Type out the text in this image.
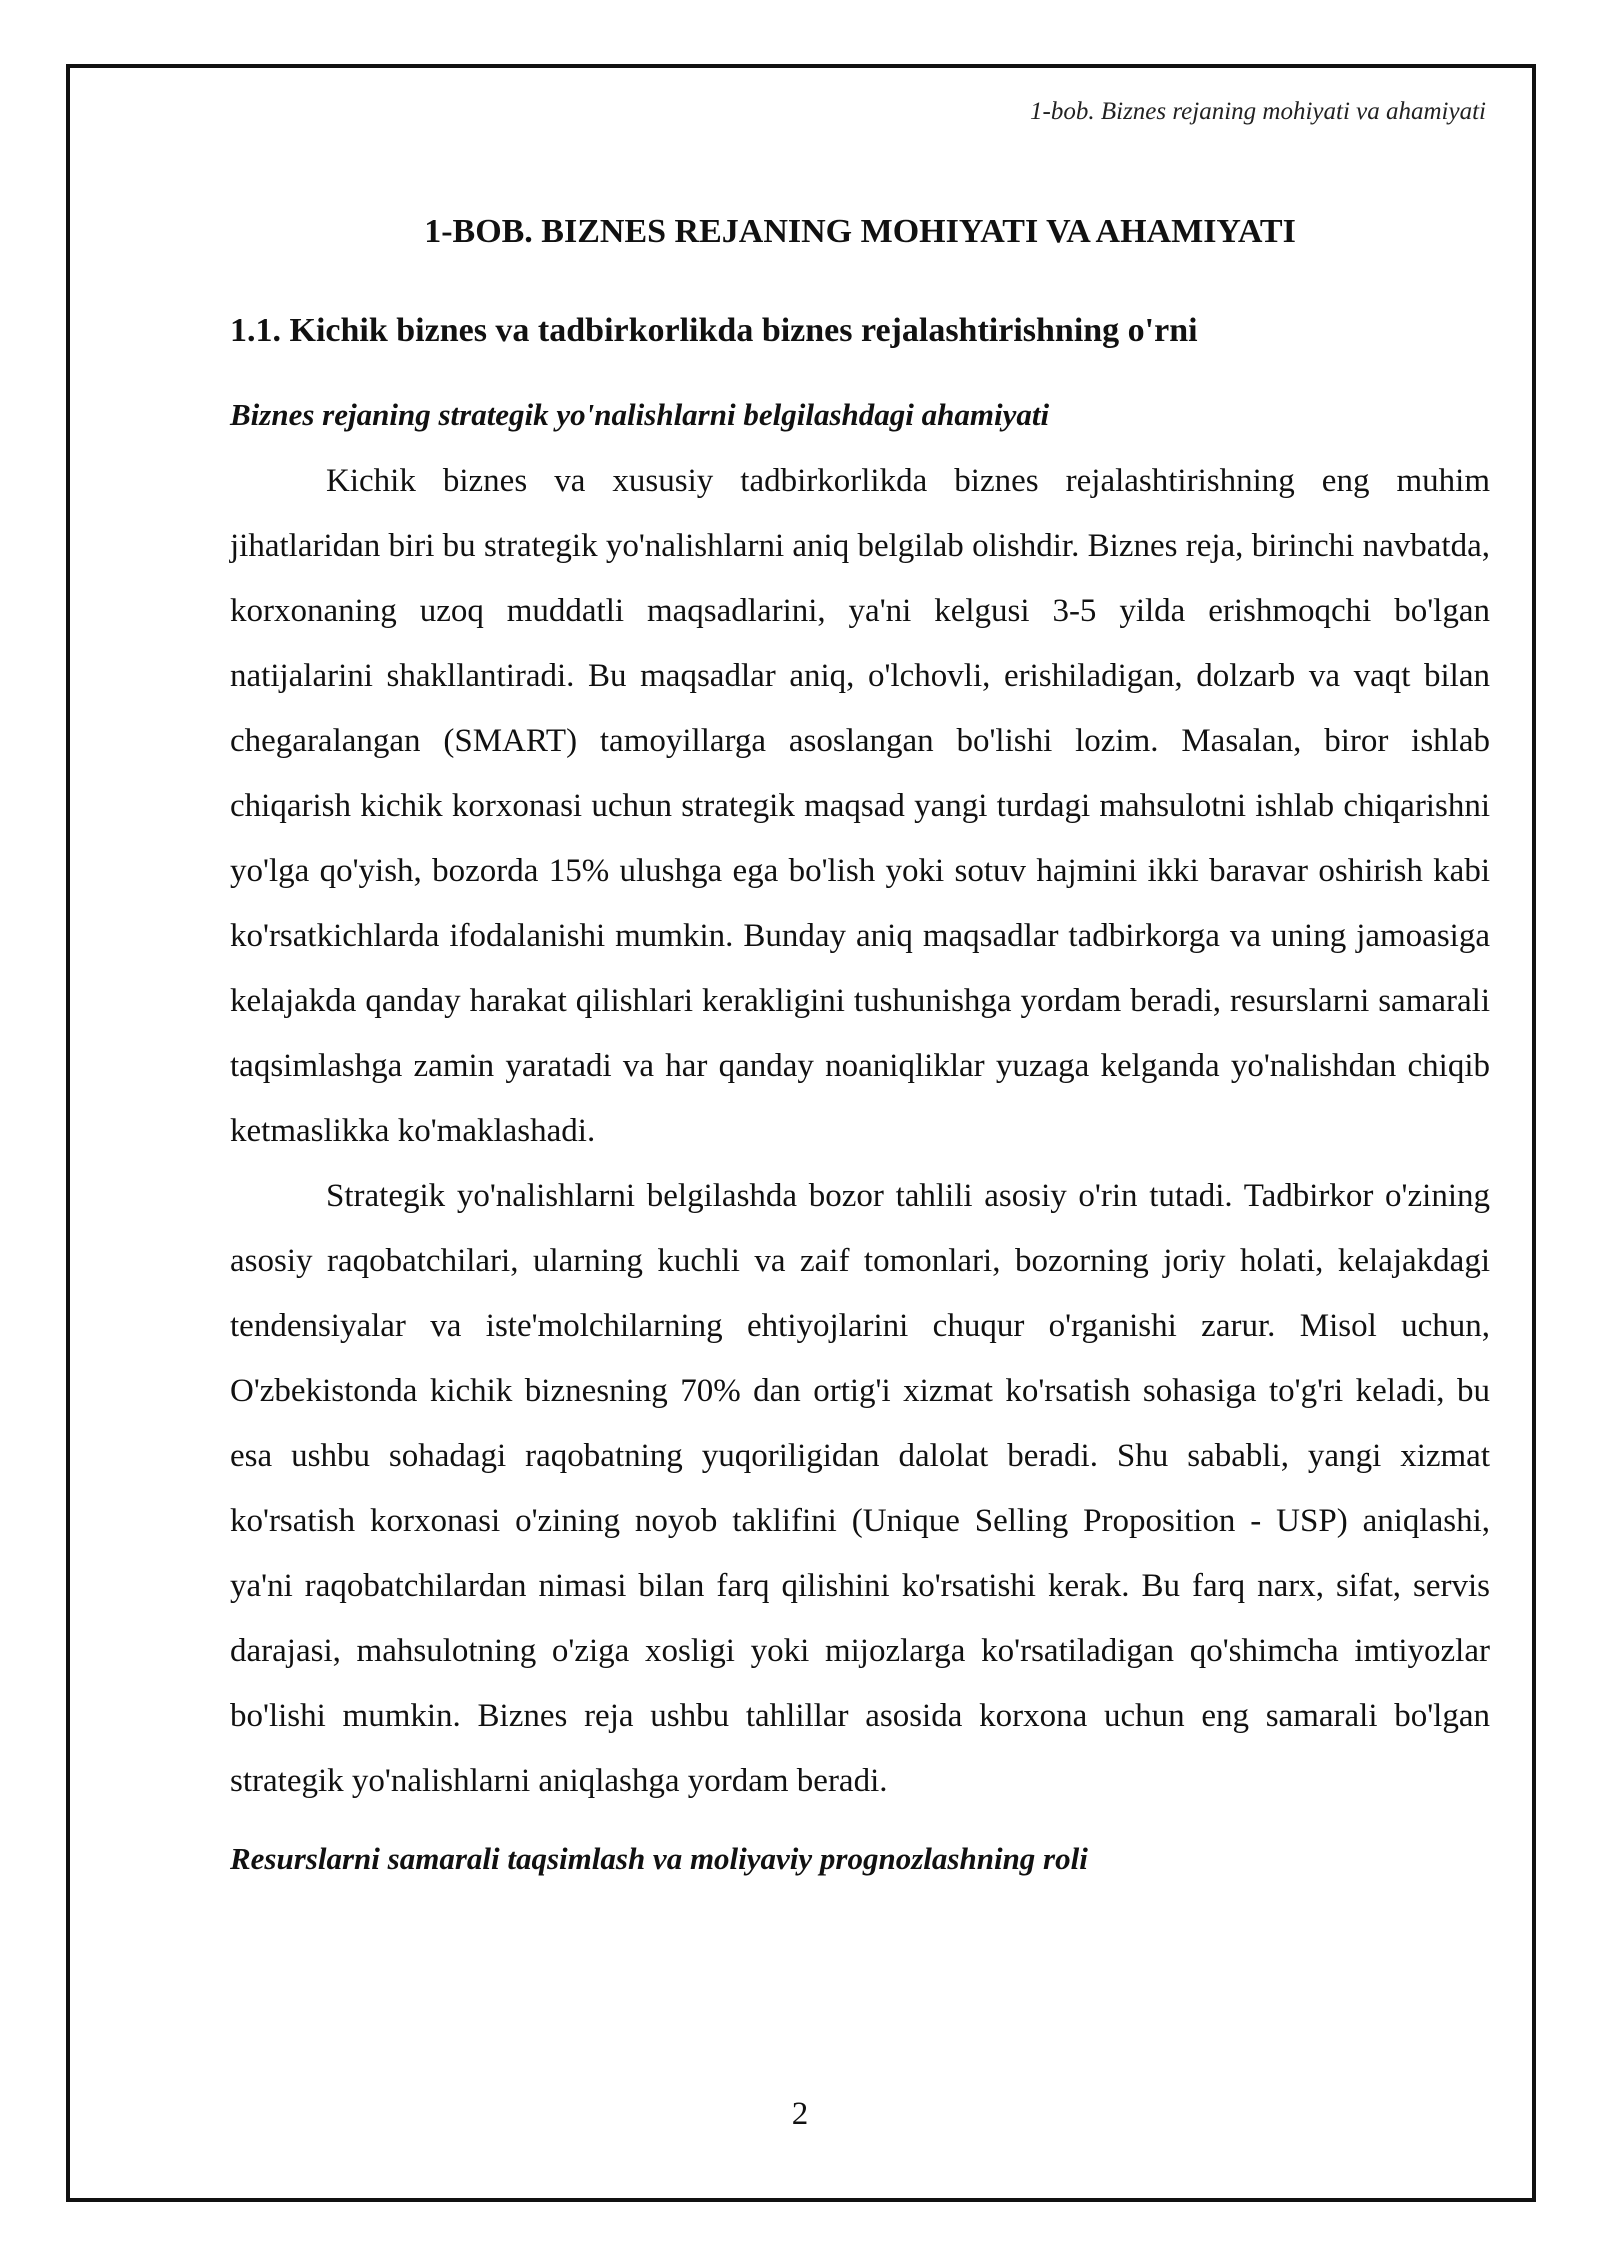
1-bob. Biznes rejaning mohiyati va ahamiyati
1-BOB. BIZNES REJANING MOHIYATI VA AHAMIYATI
1.1. Kichik biznes va tadbirkorlikda biznes rejalashtirishning o'rni
Biznes rejaning strategik yo'nalishlarni belgilashdagi ahamiyati

Kichik biznes va xususiy tadbirkorlikda biznes rejalashtirishning eng muhim jihatlaridan biri bu strategik yo'nalishlarni aniq belgilab olishdir. Biznes reja, birinchi navbatda, korxonaning uzoq muddatli maqsadlarini, ya'ni kelgusi 3-5 yilda erishmoqchi bo'lgan natijalarini shakllantiradi. Bu maqsadlar aniq, o'lchovli, erishiladigan, dolzarb va vaqt bilan chegaralangan (SMART) tamoyillarga asoslangan bo'lishi lozim. Masalan, biror ishlab chiqarish kichik korxonasi uchun strategik maqsad yangi turdagi mahsulotni ishlab chiqarishni yo'lga qo'yish, bozorda 15% ulushga ega bo'lish yoki sotuv hajmini ikki baravar oshirish kabi ko'rsatkichlarda ifodalanishi mumkin. Bunday aniq maqsadlar tadbirkorga va uning jamoasiga kelajakda qanday harakat qilishlari kerakligini tushunishga yordam beradi, resurslarni samarali taqsimlashga zamin yaratadi va har qanday noaniqliklar yuzaga kelganda yo'nalishdan chiqib ketmaslikka ko'maklashadi.

Strategik yo'nalishlarni belgilashda bozor tahlili asosiy o'rin tutadi. Tadbirkor o'zining asosiy raqobatchilari, ularning kuchli va zaif tomonlari, bozorning joriy holati, kelajakdagi tendensiyalar va iste'molchilarning ehtiyojlarini chuqur o'rganishi zarur. Misol uchun, O'zbekistonda kichik biznesning 70% dan ortig'i xizmat ko'rsatish sohasiga to'g'ri keladi, bu esa ushbu sohadagi raqobatning yuqoriligidan dalolat beradi. Shu sababli, yangi xizmat ko'rsatish korxonasi o'zining noyob taklifini (Unique Selling Proposition - USP) aniqlashi, ya'ni raqobatchilardan nimasi bilan farq qilishini ko'rsatishi kerak. Bu farq narx, sifat, servis darajasi, mahsulotning o'ziga xosligi yoki mijozlarga ko'rsatiladigan qo'shimcha imtiyozlar bo'lishi mumkin. Biznes reja ushbu tahlillar asosida korxona uchun eng samarali bo'lgan strategik yo'nalishlarni aniqlashga yordam beradi.

Resurslarni samarali taqsimlash va moliyaviy prognozlashning roli
2
